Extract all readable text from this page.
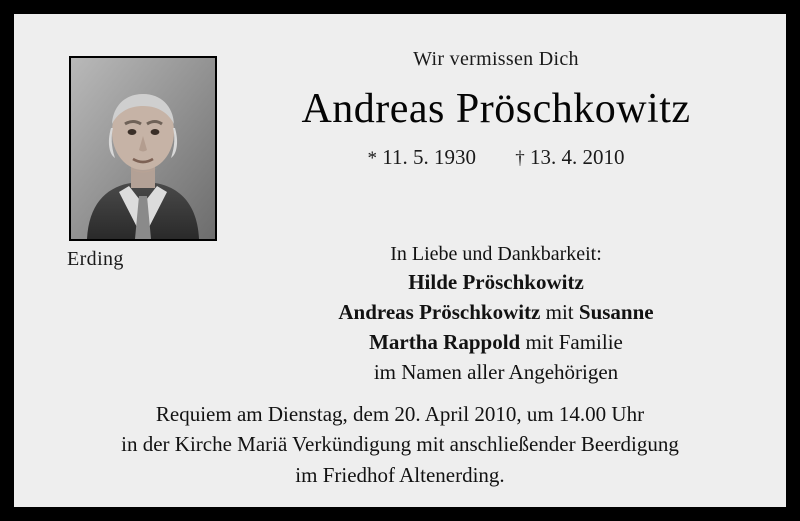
Erding
Wir vermissen Dich
Andreas Pröschkowitz
* 11. 5. 1930 † 13. 4. 2010
In Liebe und Dankbarkeit:
Hilde Pröschkowitz
Andreas Pröschkowitz mit Susanne
Martha Rappold mit Familie
im Namen aller Angehörigen
Requiem am Dienstag, dem 20. April 2010, um 14.00 Uhr
in der Kirche Mariä Verkündigung mit anschließender Beerdigung
im Friedhof Altenerding.
